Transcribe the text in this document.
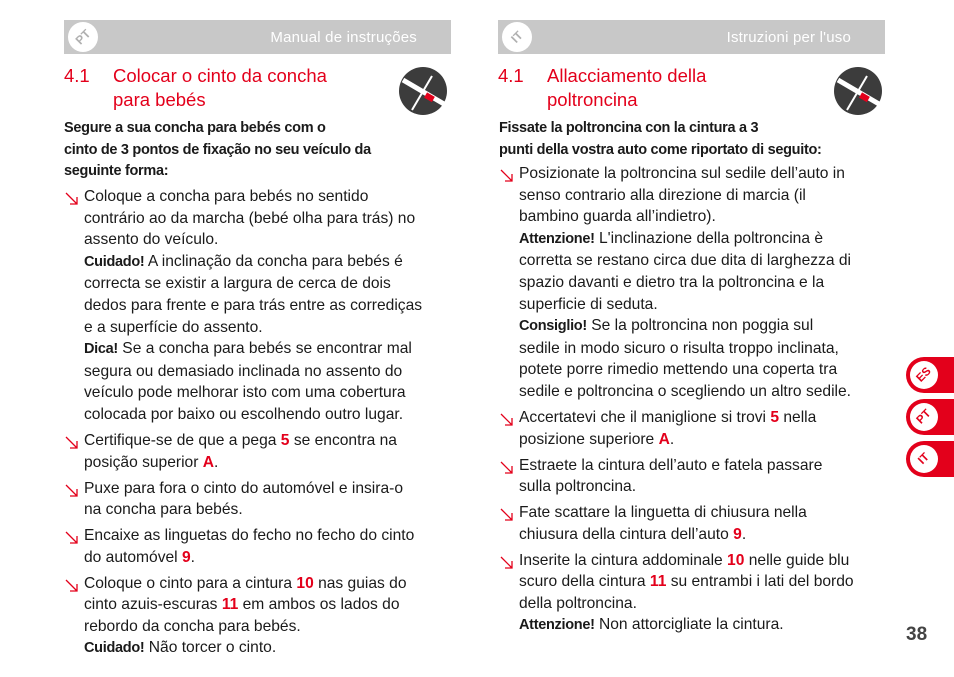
PT	Manual de instruções
4.1 Colocar o cinto da concha
para bebés
Segure a sua concha para bebés com o
cinto de 3 pontos de fixação no seu veículo da
seguinte forma:
Coloque a concha para bebés no sentido
contrário ao da marcha (bebé olha para trás) no
assento do veículo.
Cuidado! A inclinação da concha para bebés é
correcta se existir a largura de cerca de dois
dedos para frente e para trás entre as corrediças
e a superfície do assento.
Dica! Se a concha para bebés se encontrar mal
segura ou demasiado inclinada no assento do
veículo pode melhorar isto com uma cobertura
colocada por baixo ou escolhendo outro lugar.
Certifique-se de que a pega 5 se encontra na
posição superior A.
Puxe para fora o cinto do automóvel e insira-o
na concha para bebés.
Encaixe as linguetas do fecho no fecho do cinto
do automóvel 9.
Coloque o cinto para a cintura 10 nas guias do
cinto azuis-escuras 11 em ambos os lados do
rebordo da concha para bebés.
Cuidado! Não torcer o cinto.
IT	Istruzioni per l'uso
4.1 Allacciamento della
poltroncina
Fissate la poltroncina con la cintura a 3
punti della vostra auto come riportato di seguito:
Posizionate la poltroncina sul sedile dell’auto in
senso contrario alla direzione di marcia (il
bambino guarda all’indietro).
Attenzione! L'inclinazione della poltroncina è
corretta se restano circa due dita di larghezza di
spazio davanti e dietro tra la poltroncina e la
superficie di seduta.
Consiglio! Se la poltroncina non poggia sul
sedile in modo sicuro o risulta troppo inclinata,
potete porre rimedio mettendo una coperta tra
sedile e poltroncina o scegliendo un altro sedile.
Accertatevi che il maniglione si trovi 5 nella
posizione superiore A.
Estraete la cintura dell’auto e fatela passare
sulla poltroncina.
Fate scattare la linguetta di chiusura nella
chiusura della cintura dell’auto 9.
Inserite la cintura addominale 10 nelle guide blu
scuro della cintura 11 su entrambi i lati del bordo
della poltroncina.
Attenzione! Non attorcigliate la cintura.
ES
PT
IT
38
